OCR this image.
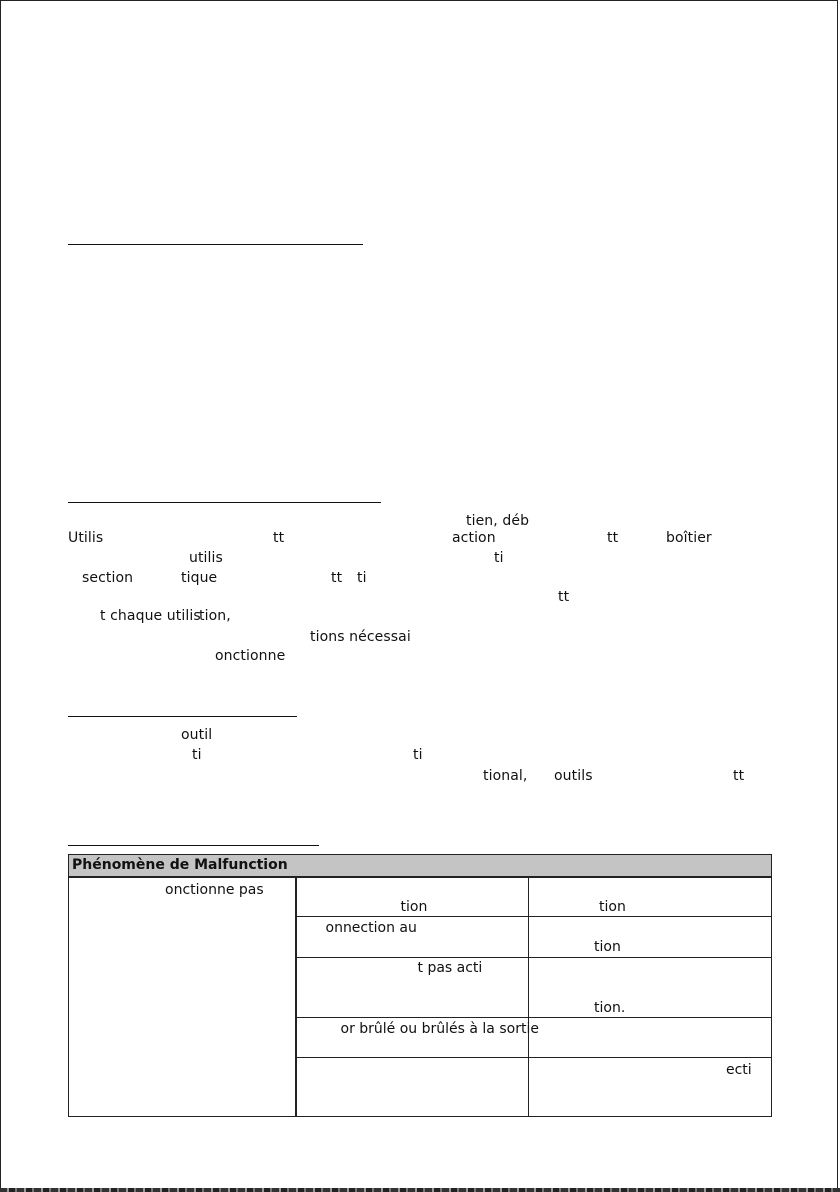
tien, déb
Utilis	tt	action	tt	boîtier
utilis	ti
section	tique	tt ti
tt
t chaque utilis
tion,
tions nécessai
onctionne
outil
ti	ti
tional, outils	tt
Phénomène de Malfunction		

onctionne pas	tion	tion

	onnection au	tion

	t pas acti	tion.

	or brûlé ou brûlés à la sortie	

		ecti
